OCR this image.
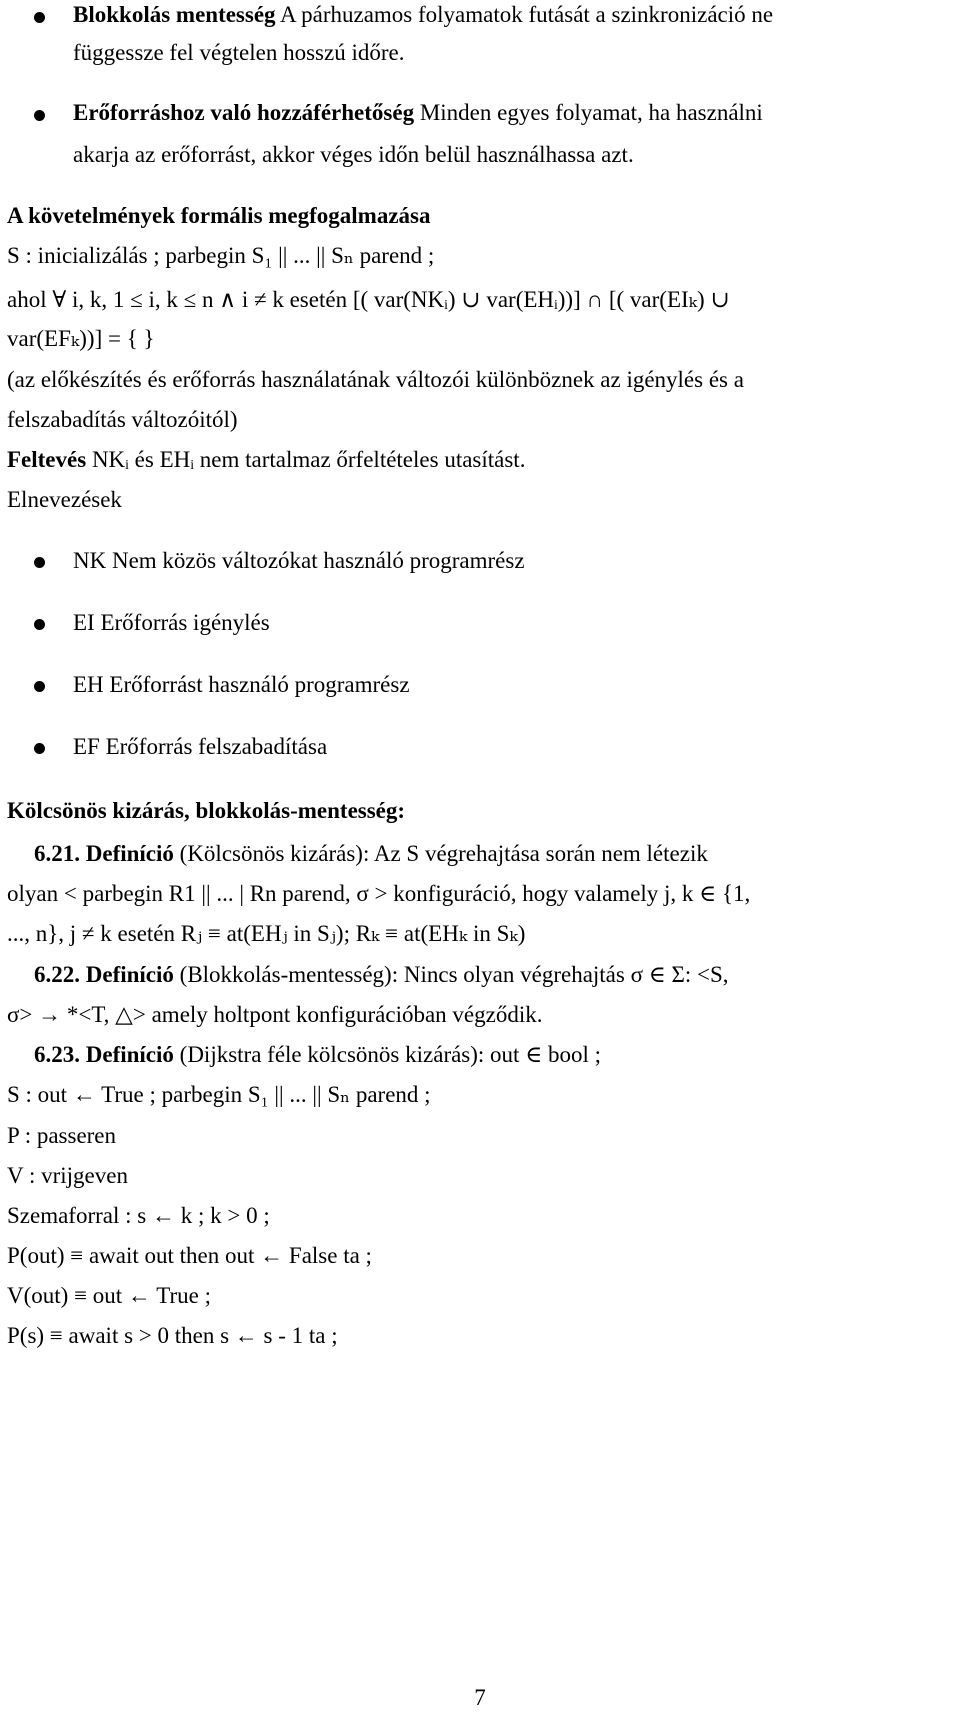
Blokkolás mentesség A párhuzamos folyamatok futását a szinkronizáció ne
függessze fel végtelen hosszú időre.
Erőforráshoz való hozzáférhetőség Minden egyes folyamat, ha használni
akarja az erőforrást, akkor véges időn belül használhassa azt.
A követelmények formális megfogalmazása
S : inicializálás ; parbegin S₁ || ... || Sₙ parend ;
ahol ∀ i, k, 1 ≤ i, k ≤ n ∧ i ≠ k esetén [( var(NKᵢ) ∪ var(EHᵢ))] ∩ [( var(EIₖ) ∪
var(EFₖ))] = { }
(az előkészítés és erőforrás használatának változói különböznek az igénylés és a
felszabadítás változóitól)
Feltevés NKᵢ és EHᵢ nem tartalmaz őrfeltételes utasítást.
Elnevezések
NK Nem közös változókat használó programrész
EI Erőforrás igénylés
EH Erőforrást használó programrész
EF Erőforrás felszabadítása
Kölcsönös kizárás, blokkolás-mentesség:
6.21. Definíció (Kölcsönös kizárás): Az S végrehajtása során nem létezik
olyan < parbegin R1 || ... | Rn parend, σ > konfiguráció, hogy valamely j, k ∈ {1,
..., n}, j ≠ k esetén Rⱼ ≡ at(EHⱼ in Sⱼ); Rₖ ≡ at(EHₖ in Sₖ)
6.22. Definíció (Blokkolás-mentesség): Nincs olyan végrehajtás σ ∈ Σ: <S,
σ> → *<T, △> amely holtpont konfigurációban végződik.
6.23. Definíció (Dijkstra féle kölcsönös kizárás): out ∈ bool ;
S : out ← True ; parbegin S₁ || ... || Sₙ parend ;
P : passeren
V : vrijgeven
Szemaforral : s ← k ; k > 0 ;
P(out) ≡ await out then out ← False ta ;
V(out) ≡ out ← True ;
P(s) ≡ await s > 0 then s ← s - 1 ta ;
7
